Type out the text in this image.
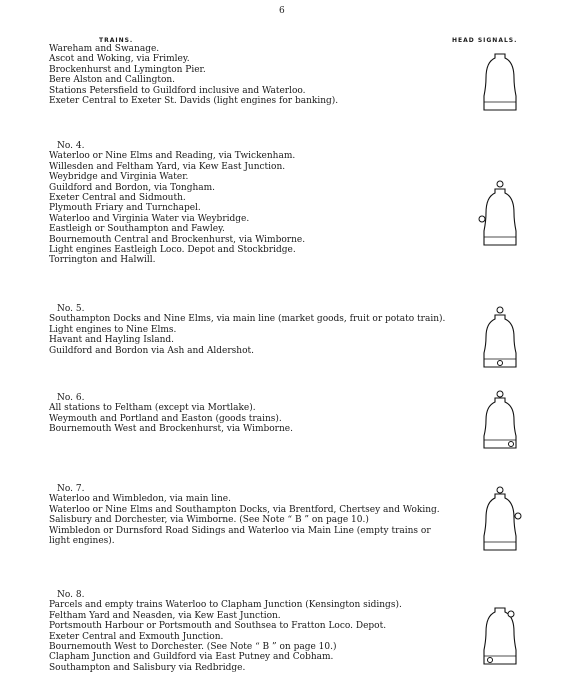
6
TRAINS.	HEAD SIGNALS.
Wareham and Swanage.
Ascot and Woking, via Frimley.
Brockenhurst and Lymington Pier.
Bere Alston and Callington.
Stations Petersfield to Guildford inclusive and Waterloo.
Exeter Central to Exeter St. Davids (light engines for banking).
No. 4.
Waterloo or Nine Elms and Reading, via Twickenham.
Willesden and Feltham Yard, via Kew East Junction.
Weybridge and Virginia Water.
Guildford and Bordon, via Tongham.
Exeter Central and Sidmouth.
Plymouth Friary and Turnchapel.
Waterloo and Virginia Water via Weybridge.
Eastleigh or Southampton and Fawley.
Bournemouth Central and Brockenhurst, via Wimborne.
Light engines Eastleigh Loco. Depot and Stockbridge.
Torrington and Halwill.
No. 5.
Southampton Docks and Nine Elms, via main line (market goods, fruit or potato train).
Light engines to Nine Elms.
Havant and Hayling Island.
Guildford and Bordon via Ash and Aldershot.
No. 6.
All stations to Feltham (except via Mortlake).
Weymouth and Portland and Easton (goods trains).
Bournemouth West and Brockenhurst, via Wimborne.
No. 7.
Waterloo and Wimbledon, via main line.
Waterloo or Nine Elms and Southampton Docks, via Brentford, Chertsey and Woking.
Salisbury and Dorchester, via Wimborne. (See Note “ B ” on page 10.)
Wimbledon or Durnsford Road Sidings and Waterloo via Main Line (empty trains or light engines).
No. 8.
Parcels and empty trains Waterloo to Clapham Junction (Kensington sidings).
Feltham Yard and Neasden, via Kew East Junction.
Portsmouth Harbour or Portsmouth and Southsea to Fratton Loco. Depot.
Exeter Central and Exmouth Junction.
Bournemouth West to Dorchester. (See Note “ B ” on page 10.)
Clapham Junction and Guildford via East Putney and Cobham.
Southampton and Salisbury via Redbridge.
